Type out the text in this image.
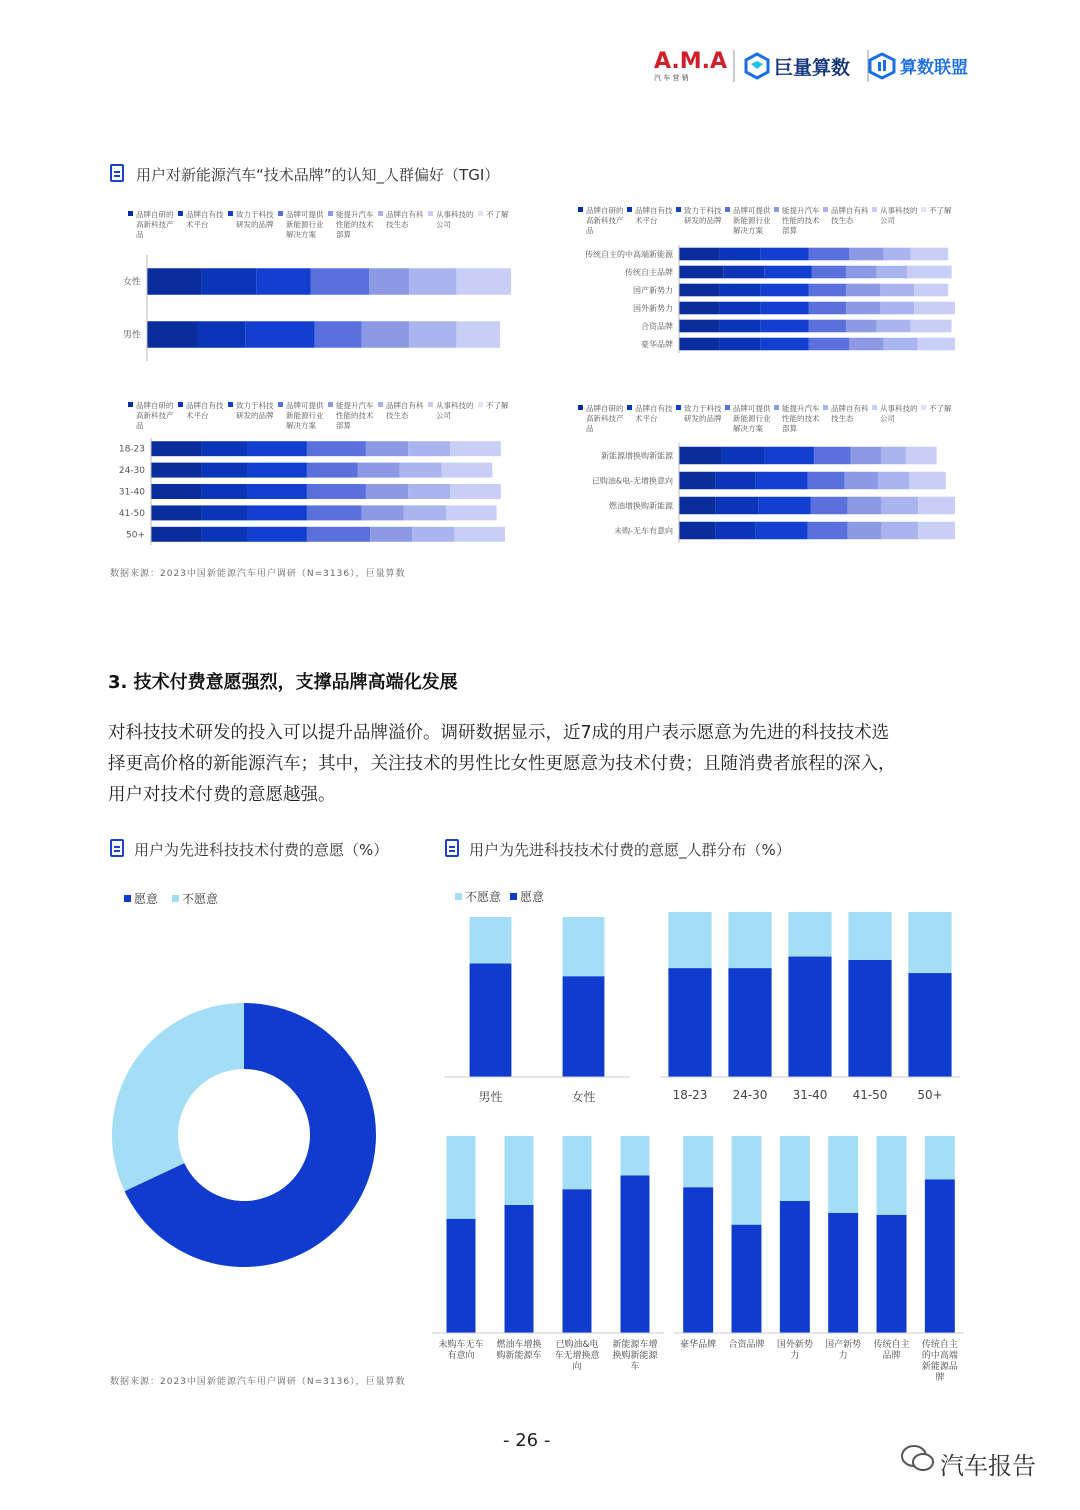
A.M.A
汽 车 营 销	巨量算数	算数联盟
用户对新能源汽车“技术品牌”的认知_人群偏好（TGI）
品牌自研的
高新科技产
品
品牌自有技
术平台
致力于科技
研发的品牌
品牌可提供
新能源行业
解决方案
能提升汽车
性能的技术
部算
品牌自有科
技生态
从事科技的
公司
不了解
女性
男性
品牌自研的
高新科技产
品
品牌自有技
术平台
致力于科技
研发的品牌
品牌可提供
新能源行业
解决方案
能提升汽车
性能的技术
部算
品牌自有科
技生态
从事科技的
公司
不了解
传统自主的中高端新能源
传统自主品牌
国产新势力
国外新势力
合资品牌
豪华品牌
品牌自研的
高新科技产
品
品牌自有技
术平台
致力于科技
研发的品牌
品牌可提供
新能源行业
解决方案
能提升汽车
性能的技术
部算
品牌自有科
技生态
从事科技的
公司
不了解
18-23
24-30
31-40
41-50
50+
品牌自研的
高新科技产
品
品牌自有技
术平台
致力于科技
研发的品牌
品牌可提供
新能源行业
解决方案
能提升汽车
性能的技术
部算
品牌自有科
技生态
从事科技的
公司
不了解
新能源增换购新能源
已购油&电-无增换意向
燃油增换购新能源
未购-无车有意向
数据来源：2023中国新能源汽车用户调研（N=3136），巨量算数
3. 技术付费意愿强烈，支撑品牌高端化发展
对科技技术研发的投入可以提升品牌溢价。调研数据显示，近7成的用户表示愿意为先进的科技技术选
择更高价格的新能源汽车；其中，关注技术的男性比女性更愿意为技术付费；且随消费者旅程的深入，
用户对技术付费的意愿越强。
用户为先进科技技术付费的意愿（%）	用户为先进科技技术付费的意愿_人群分布（%）
愿意 不愿意	不愿意 愿意
男性	女性	18-23 24-30 31-40 41-50 50+
未购车无车
有意向
燃油车增换
购新能源车
已购油&电
车无增换意
向
新能源车增
换购新能源
车
豪华品牌 合资品牌 国外新势
力
国产新势
力
传统自主
品牌
传统自主
的中高端
新能源品
牌
数据来源：2023中国新能源汽车用户调研（N=3136），巨量算数
- 26 -
汽车报告
